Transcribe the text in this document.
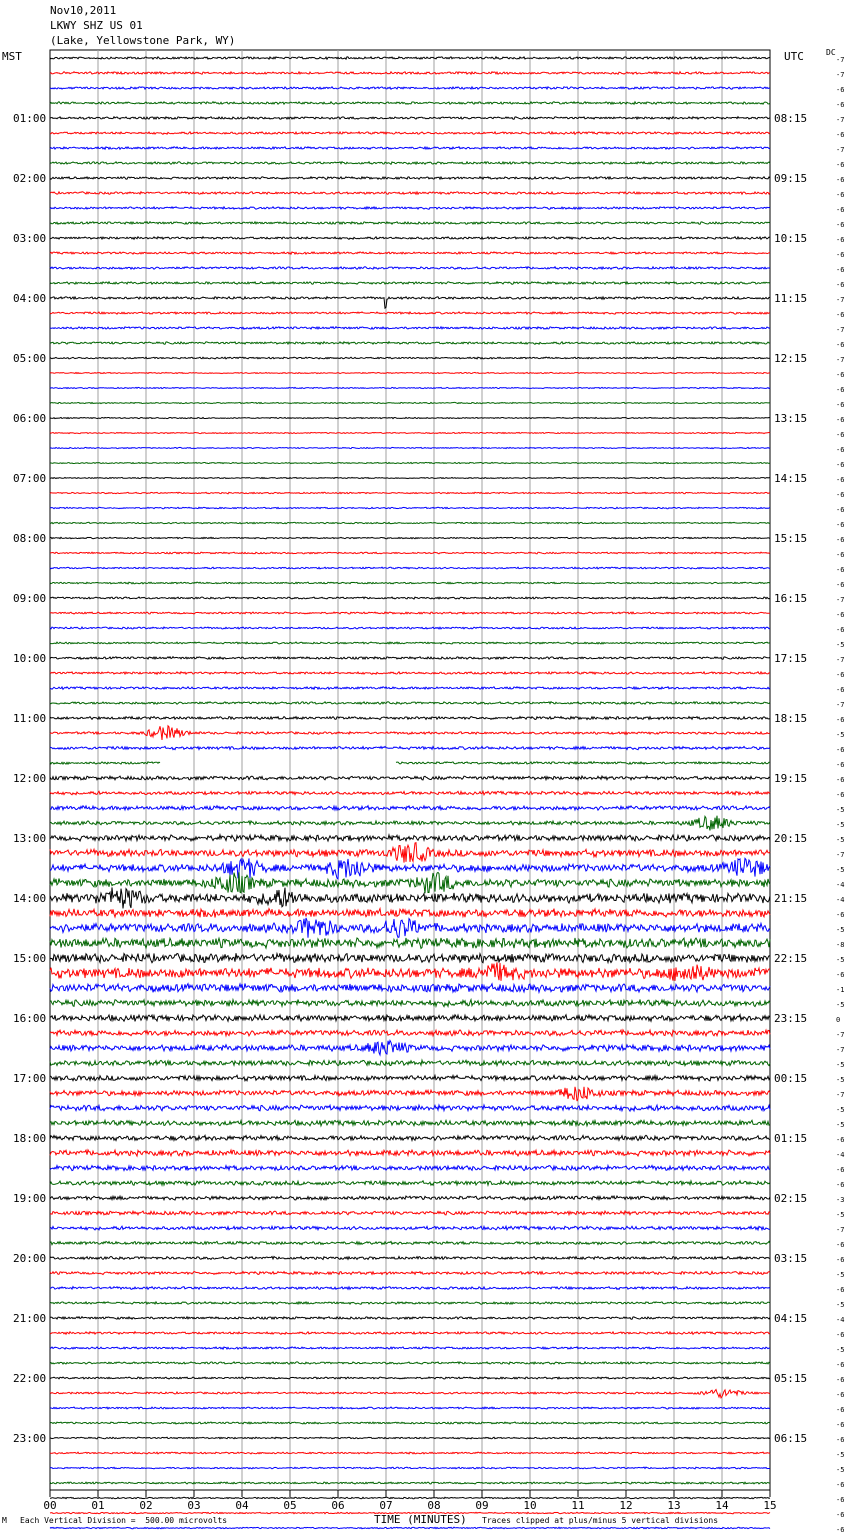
Nov10,2011
LKWY SHZ US 01
(Lake, Yellowstone Park, WY)
MST	UTC	DC
00	01	02	03	04	05	06	07	08	09	10	11	12	13	14	15
-7
-7
-6
-6
-7
01:00	08:15
-6
-7
-6
-6
02:00	09:15
-6
-6
-6
-6
03:00	10:15
-6
-6
-6
-7
04:00	11:15
-6
-7
-6
-7
05:00	12:15
-6
-6
-6
-6
06:00	13:15
-6
-6
-6
-6
07:00	14:15
-6
-6
-6
-6
08:00	15:15
-6
-6
-6
-7
09:00	16:15
-6
-6
-5
-7
10:00	17:15
-6
-6
-7
-6
11:00	18:15
-5
-6
-6
-6
12:00	19:15
-6
-5
-5
-5
13:00	20:15
-7
-5
-4
-4
14:00	21:15
-6
-5
-8
-5
15:00	22:15
-6
-1
-5
0
16:00	23:15
-7
-7
-5
-5
17:00	00:15
-7
-5
-5
-6
18:00	01:15
-4
-6
-6
-3
19:00	02:15
-5
-7
-6
-6
20:00	03:15
-5
-6
-5
-4
21:00	04:15
-6
-5
-6
-6
22:00	05:15
-6
-6
-6
-6
23:00	06:15
-5
-5
-6
-6
-6
-6
TIME (MINUTES)
M Each Vertical Division =  500.00 microvolts	Traces clipped at plus/minus 5 vertical divisions
